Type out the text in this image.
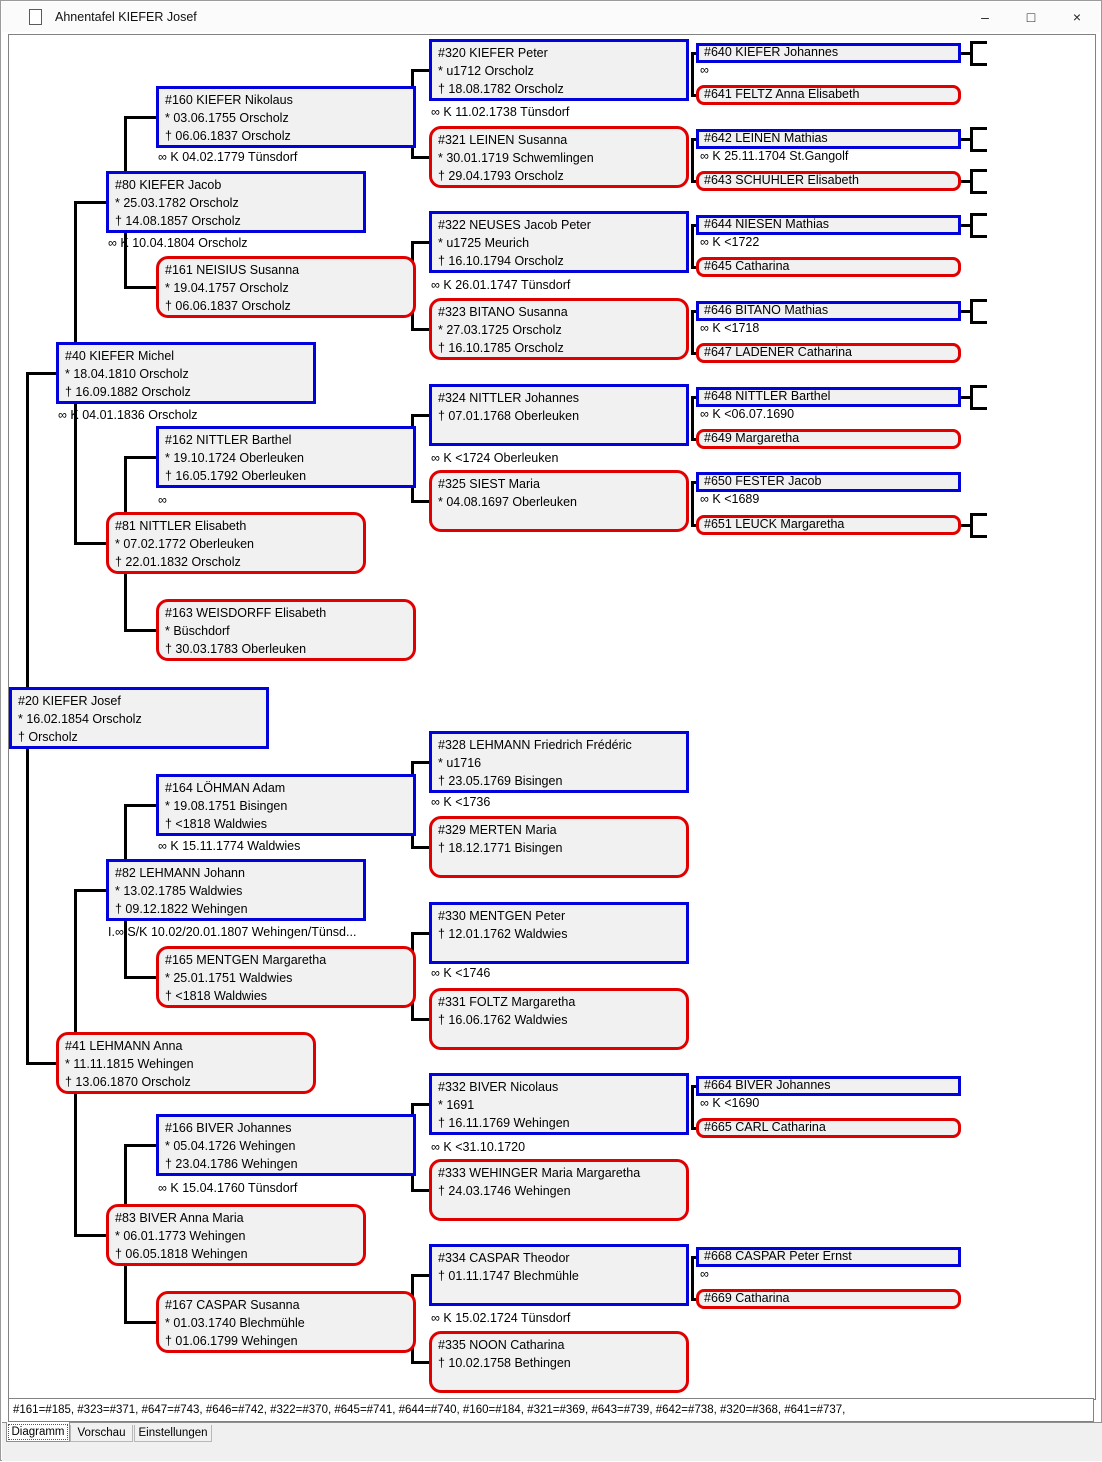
Ahnentafel KIEFER Josef	–	□	×
#20 KIEFER Josef
* 16.02.1854 Orscholz
† Orscholz
#40 KIEFER Michel
* 18.04.1810 Orscholz
† 16.09.1882 Orscholz
#41 LEHMANN Anna
* 11.11.1815 Wehingen
† 13.06.1870 Orscholz
#80 KIEFER Jacob
* 25.03.1782 Orscholz
† 14.08.1857 Orscholz
#81 NITTLER Elisabeth
* 07.02.1772 Oberleuken
† 22.01.1832 Orscholz
#82 LEHMANN Johann
* 13.02.1785 Waldwies
† 09.12.1822 Wehingen
#83 BIVER Anna Maria
* 06.01.1773 Wehingen
† 06.05.1818 Wehingen
#160 KIEFER Nikolaus
* 03.06.1755 Orscholz
† 06.06.1837 Orscholz
#161 NEISIUS Susanna
* 19.04.1757 Orscholz
† 06.06.1837 Orscholz
#162 NITTLER Barthel
* 19.10.1724 Oberleuken
† 16.05.1792 Oberleuken
#163 WEISDORFF Elisabeth
* Büschdorf
† 30.03.1783 Oberleuken
#164 LÖHMAN Adam
* 19.08.1751 Bisingen
† <1818 Waldwies
#165 MENTGEN Margaretha
* 25.01.1751 Waldwies
† <1818 Waldwies
#166 BIVER Johannes
* 05.04.1726 Wehingen
† 23.04.1786 Wehingen
#167 CASPAR Susanna
* 01.03.1740 Blechmühle
† 01.06.1799 Wehingen
#320 KIEFER Peter
* u1712 Orscholz
† 18.08.1782 Orscholz
#321 LEINEN Susanna
* 30.01.1719 Schwemlingen
† 29.04.1793 Orscholz
#322 NEUSES Jacob Peter
* u1725 Meurich
† 16.10.1794 Orscholz
#323 BITANO Susanna
* 27.03.1725 Orscholz
† 16.10.1785 Orscholz
#324 NITTLER Johannes
† 07.01.1768 Oberleuken
#325 SIEST Maria
* 04.08.1697 Oberleuken
#328 LEHMANN Friedrich Frédéric
* u1716
† 23.05.1769 Bisingen
#329 MERTEN Maria
† 18.12.1771 Bisingen
#330 MENTGEN Peter
† 12.01.1762 Waldwies
#331 FOLTZ Margaretha
† 16.06.1762 Waldwies
#332 BIVER Nicolaus
* 1691
† 16.11.1769 Wehingen
#333 WEHINGER Maria Margaretha
† 24.03.1746 Wehingen
#334 CASPAR Theodor
† 01.11.1747 Blechmühle
#335 NOON Catharina
† 10.02.1758 Bethingen
#640 KIEFER Johannes
#641 FELTZ Anna Elisabeth
#642 LEINEN Mathias
#643 SCHUHLER Elisabeth
#644 NIESEN Mathias
#645 Catharina
#646 BITANO Mathias
#647 LADENER Catharina
#648 NITTLER Barthel
#649 Margaretha
#650 FESTER Jacob
#651 LEUCK Margaretha
#664 BIVER Johannes
#665 CARL Catharina
#668 CASPAR Peter Ernst
#669 Catharina
∞ K 11.02.1738 Tünsdorf
∞ K 04.02.1779 Tünsdorf
∞ K 10.04.1804 Orscholz
∞ K 26.01.1747 Tünsdorf
∞ K 04.01.1836 Orscholz
∞ K <1724 Oberleuken
∞
∞ K <1736
∞ K 15.11.1774 Waldwies
I.∞ S/K 10.02/20.01.1807 Wehingen/Tünsd...
∞ K <1746
∞ K <31.10.1720
∞ K 15.04.1760 Tünsdorf
∞ K 15.02.1724 Tünsdorf
∞
∞ K 25.11.1704 St.Gangolf
∞ K <1722
∞ K <1718
∞ K <06.07.1690
∞ K <1689
∞ K <1690
∞
#161=#185, #323=#371, #647=#743, #646=#742, #322=#370, #645=#741, #644=#740, #160=#184, #321=#369, #643=#739, #642=#738, #320=#368, #641=#737,
Diagramm	Vorschau	Einstellungen
